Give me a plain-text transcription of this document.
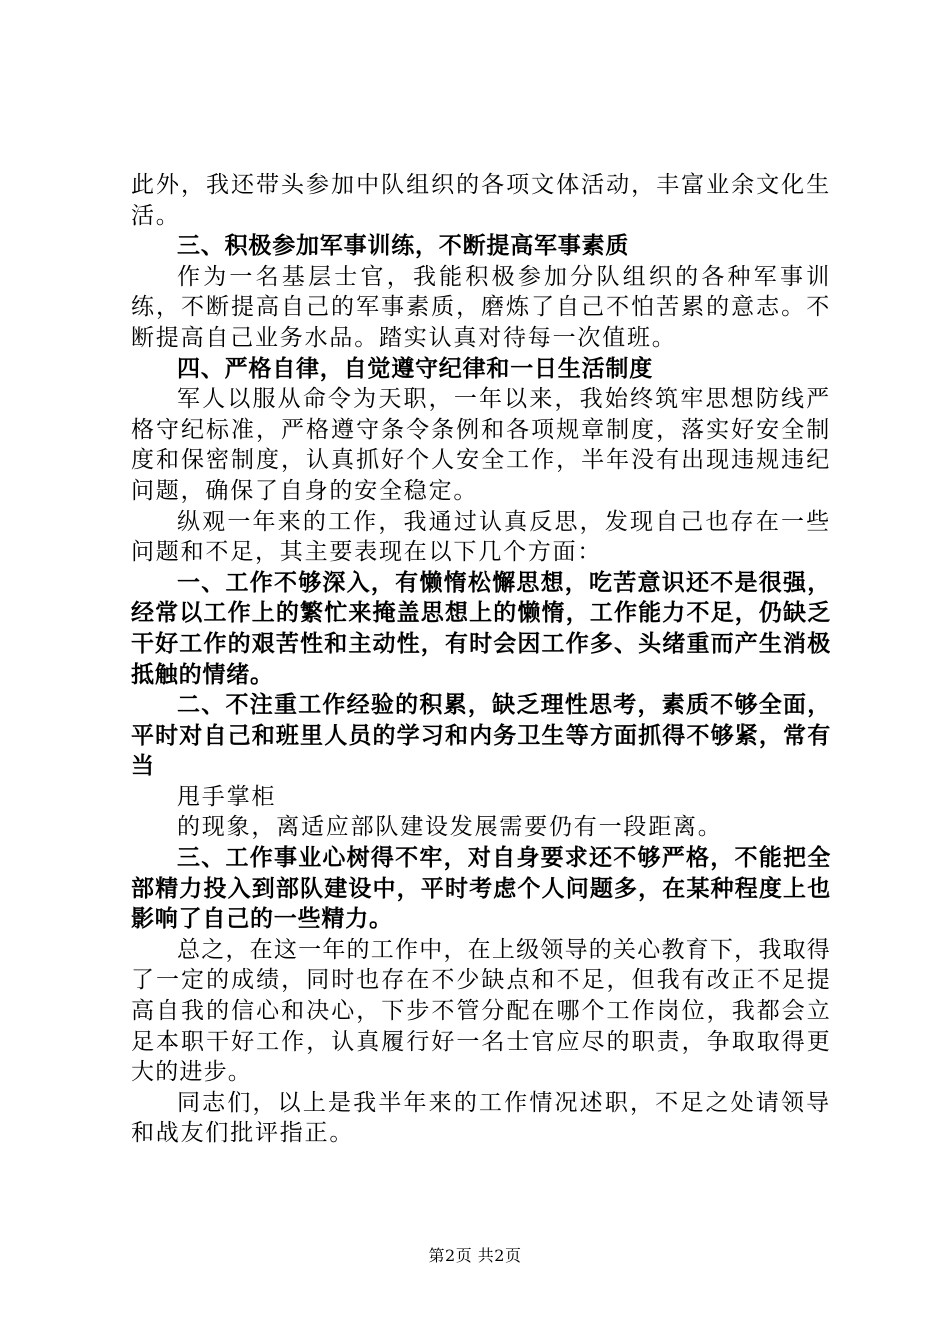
此外，我还带头参加中队组织的各项文体活动，丰富业余文化生活。

三、积极参加军事训练，不断提高军事素质

作为一名基层士官，我能积极参加分队组织的各种军事训练，不断提高自己的军事素质，磨炼了自己不怕苦累的意志。不断提高自己业务水品。踏实认真对待每一次值班。

四、严格自律，自觉遵守纪律和一日生活制度

军人以服从命令为天职，一年以来，我始终筑牢思想防线严格守纪标准，严格遵守条令条例和各项规章制度，落实好安全制度和保密制度，认真抓好个人安全工作，半年没有出现违规违纪问题，确保了自身的安全稳定。

纵观一年来的工作，我通过认真反思，发现自己也存在一些问题和不足，其主要表现在以下几个方面：

一、工作不够深入，有懒惰松懈思想，吃苦意识还不是很强，经常以工作上的繁忙来掩盖思想上的懒惰，工作能力不足，仍缺乏干好工作的艰苦性和主动性，有时会因工作多、头绪重而产生消极抵触的情绪。

二、不注重工作经验的积累，缺乏理性思考，素质不够全面，平时对自己和班里人员的学习和内务卫生等方面抓得不够紧，常有当

甩手掌柜

的现象，离适应部队建设发展需要仍有一段距离。

三、工作事业心树得不牢，对自身要求还不够严格，不能把全部精力投入到部队建设中，平时考虑个人问题多，在某种程度上也影响了自己的一些精力。

总之，在这一年的工作中，在上级领导的关心教育下，我取得了一定的成绩，同时也存在不少缺点和不足，但我有改正不足提高自我的信心和决心，下步不管分配在哪个工作岗位，我都会立足本职干好工作，认真履行好一名士官应尽的职责，争取取得更大的进步。

同志们，以上是我半年来的工作情况述职，不足之处请领导和战友们批评指正。

第2页 共2页
